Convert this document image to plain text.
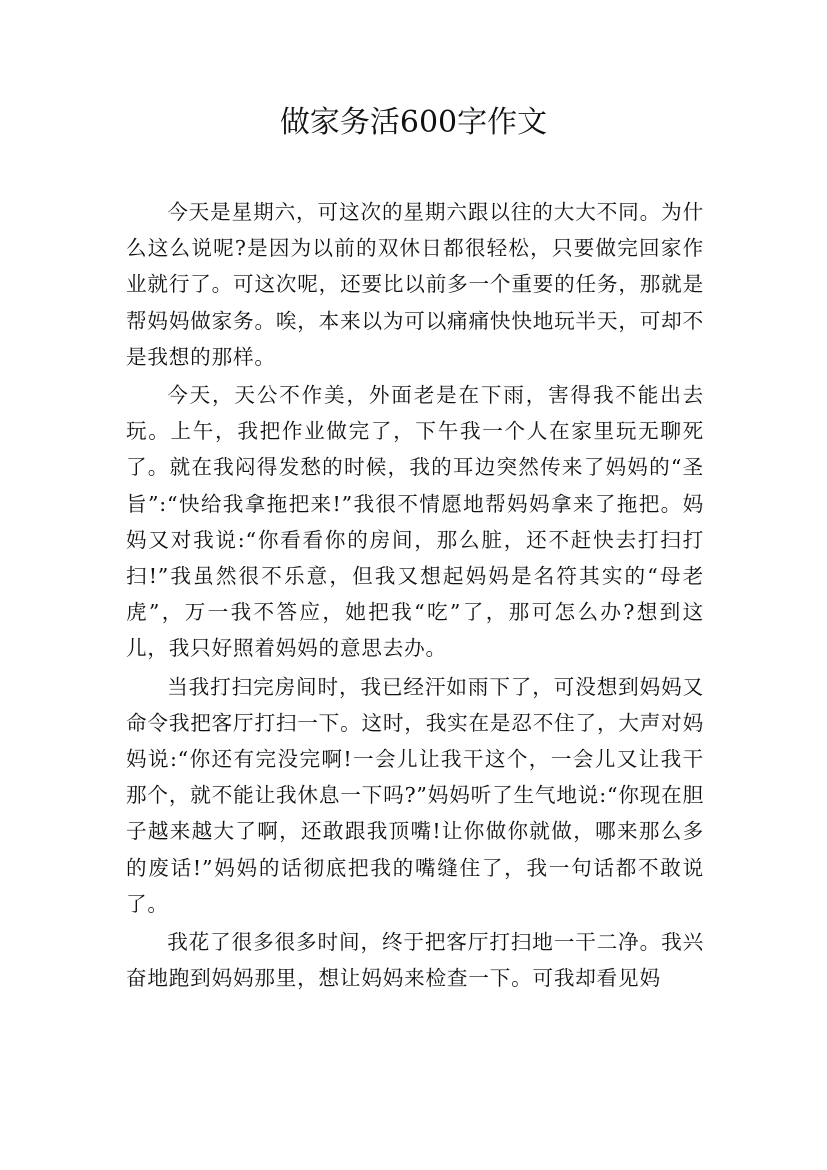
做家务活600字作文

今天是星期六，可这次的星期六跟以往的大大不同。为什么这么说呢?是因为以前的双休日都很轻松，只要做完回家作业就行了。可这次呢，还要比以前多一个重要的任务，那就是帮妈妈做家务。唉，本来以为可以痛痛快快地玩半天，可却不是我想的那样。

今天，天公不作美，外面老是在下雨，害得我不能出去玩。上午，我把作业做完了，下午我一个人在家里玩无聊死了。就在我闷得发愁的时候，我的耳边突然传来了妈妈的“圣旨”:“快给我拿拖把来!”我很不情愿地帮妈妈拿来了拖把。妈妈又对我说:“你看看你的房间，那么脏，还不赶快去打扫打扫!”我虽然很不乐意，但我又想起妈妈是名符其实的“母老虎”，万一我不答应，她把我“吃”了，那可怎么办?想到这儿，我只好照着妈妈的意思去办。

当我打扫完房间时，我已经汗如雨下了，可没想到妈妈又命令我把客厅打扫一下。这时，我实在是忍不住了，大声对妈妈说:“你还有完没完啊!一会儿让我干这个，一会儿又让我干那个，就不能让我休息一下吗?”妈妈听了生气地说:“你现在胆子越来越大了啊，还敢跟我顶嘴!让你做你就做，哪来那么多的废话!”妈妈的话彻底把我的嘴缝住了，我一句话都不敢说了。

我花了很多很多时间，终于把客厅打扫地一干二净。我兴奋地跑到妈妈那里，想让妈妈来检查一下。可我却看见妈
